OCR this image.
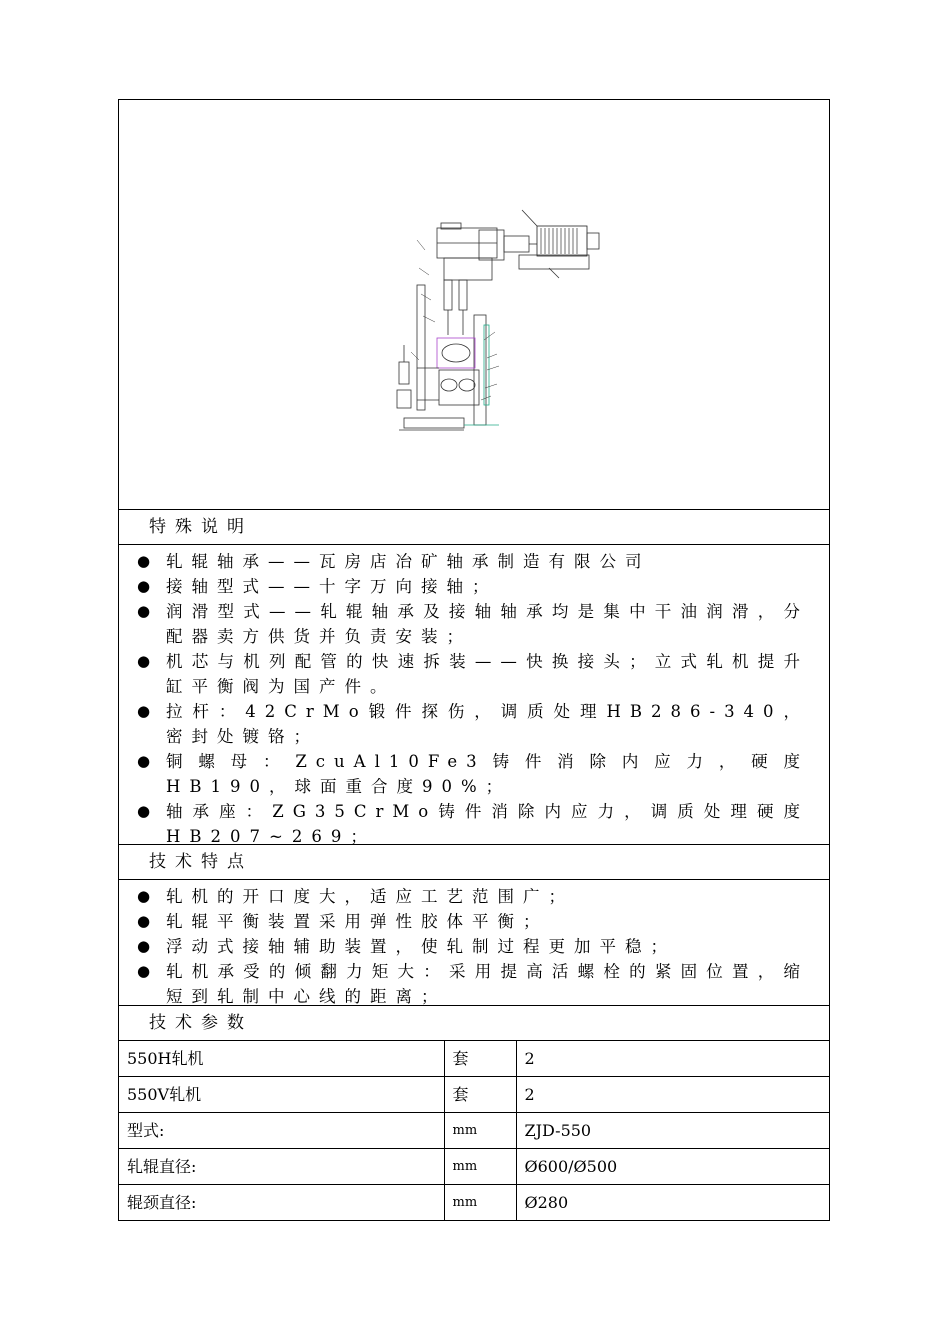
特殊说明
● 轧辊轴承——瓦房店冶矿轴承制造有限公司
● 接轴型式——十字万向接轴；
● 润滑型式——轧辊轴承及接轴轴承均是集中干油润滑，分配器卖方供货并负责安装；
● 机芯与机列配管的快速拆装——快换接头；立式轧机提升缸平衡阀为国产件。
● 拉杆：42CrMo锻件探伤，调质处理HB286-340，密封处镀铬；
● 铜螺母：ZcuAl10Fe3铸件消除内应力，硬度HB190，球面重合度90%；
● 轴承座：ZG35CrMo铸件消除内应力，调质处理硬度HB207~269；
技术特点
● 轧机的开口度大，适应工艺范围广；
● 轧辊平衡装置采用弹性胶体平衡；
● 浮动式接轴辅助装置，使轧制过程更加平稳；
● 轧机承受的倾翻力矩大：采用提高活螺栓的紧固位置，缩短到轧制中心线的距离；
技术参数
550H轧机	套	2
550V轧机	套	2
型式:	mm	ZJD-550
轧辊直径:	mm	Ø600/Ø500
辊颈直径:	mm	Ø280
